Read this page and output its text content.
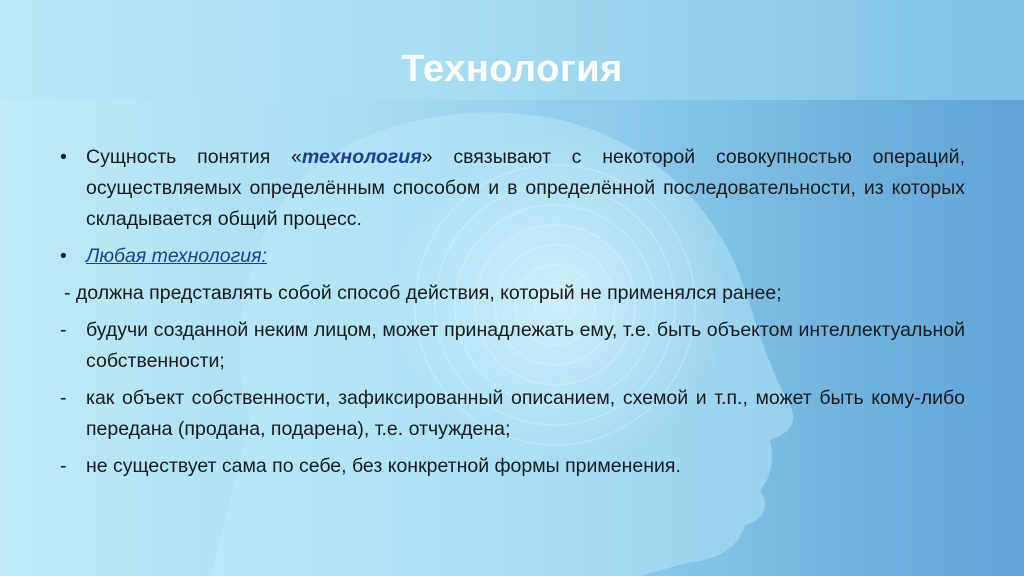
Технология
• Сущность понятия «технология» связывают с некоторой совокупностью операций, осуществляемых определённым способом и в определённой последовательности, из которых складывается общий процесс.
• Любая технология:
- должна представлять собой способ действия, который не применялся ранее;
-	будучи созданной неким лицом, может принадлежать ему, т.е. быть объектом интеллектуальной собственности;
-	как объект собственности, зафиксированный описанием, схемой и т.п., может быть кому-либо передана (продана, подарена), т.е. отчуждена;
-	не существует сама по себе, без конкретной формы применения.
